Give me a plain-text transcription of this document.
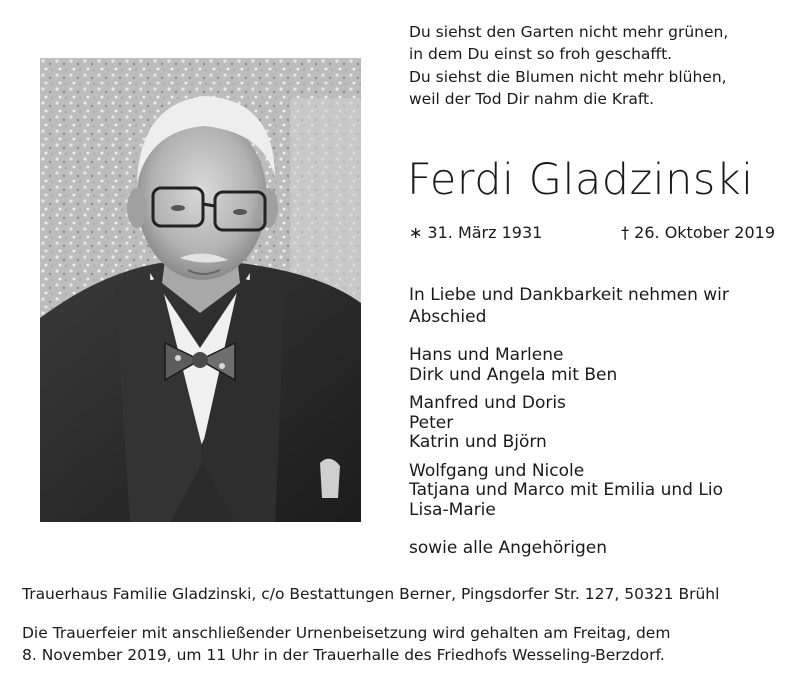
Du siehst den Garten nicht mehr grünen,
in dem Du einst so froh geschafft.
Du siehst die Blumen nicht mehr blühen,
weil der Tod Dir nahm die Kraft.
Ferdi Gladzinski
∗ 31. März 1931	† 26. Oktober 2019
In Liebe und Dankbarkeit nehmen wir Abschied
Hans und Marlene
Dirk und Angela mit Ben
Manfred und Doris
Peter
Katrin und Björn
Wolfgang und Nicole
Tatjana und Marco mit Emilia und Lio
Lisa-Marie
sowie alle Angehörigen
Trauerhaus Familie Gladzinski, c/o Bestattungen Berner, Pingsdorfer Str. 127, 50321 Brühl
Die Trauerfeier mit anschließender Urnenbeisetzung wird gehalten am Freitag, dem
8. November 2019, um 11 Uhr in der Trauerhalle des Friedhofs Wesseling-Berzdorf.
